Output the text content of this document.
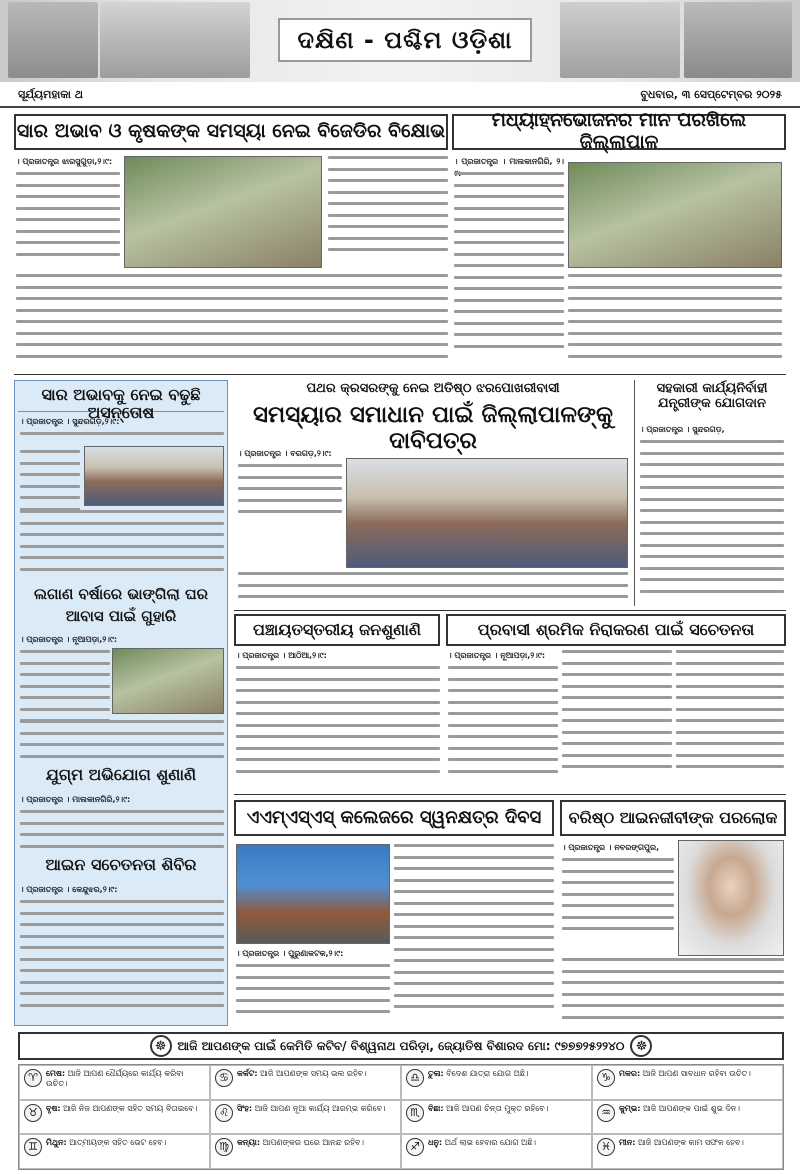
ଦକ୍ଷିଣ - ପଶ୍ଚିମ ଓଡ଼ିଶା
ସୂର୍ଯ୍ୟମହାକା ଥ	ବୁଧବାର, ୩ ସେପ୍ଟେମ୍ବର ୨୦୨୫
ସାର ଅଭାବ ଓ କୃଷକଙ୍କ ସମସ୍ୟା ନେଇ ବିଜେଡିର ବିକ୍ଷୋଭ
। ପ୍ରଜାତନ୍ତ୍ର ଝାରସୁଗୁଡ଼ା,୨।୯:
ମଧ୍ୟାହ୍ନଭୋଜନର ମାନ ପରଖିଲେ ଜିଲ୍ଲାପାଳ
। ପ୍ରଜାତନ୍ତ୍ର । ମାଲକାନଗିରି, ୨।
ସାର ଅଭାବକୁ ନେଇ ବଢୁଛି ଅସନ୍ତୋଷ
। ପ୍ରଜାତନ୍ତ୍ର । ସୁନ୍ଦରଗଡ଼,୨।୯:
ଲଗାଣ ବର୍ଷାରେ ଭାଙ୍ଗିଲା ଘର
ଆବାସ ପାଇଁ ଗୁହାରି
। ପ୍ରଜାତନ୍ତ୍ର । ନୂଆପଡ଼ା,୨।୯:
ଯୁଗ୍ମ ଅଭିଯୋଗ ଶୁଣାଣି
। ପ୍ରଜାତନ୍ତ୍ର । ମାଲକାନଗିରି,୨।୯:
ଆଇନ ସଚେତନତା ଶିବିର
। ପ୍ରଜାତନ୍ତ୍ର । କେନ୍ଦୁଝର,୨।୯:
ପଥର କ୍ରସରଙ୍କୁ ନେଇ ଅତିଷ୍ଠ ଝରପୋଖରୀବାସୀ
ସମସ୍ୟାର ସମାଧାନ ପାଇଁ ଜିଲ୍ଲାପାଳଙ୍କୁ ଦାବିପତ୍ର
। ପ୍ରଜାତନ୍ତ୍ର । ବରଗଡ଼,୨।୯:
ସହକାରୀ କାର୍ଯ୍ୟନିର୍ବାହୀ ଯନ୍ତ୍ରୀଙ୍କ ଯୋଗଦାନ
। ପ୍ରଜାତନ୍ତ୍ର । ସୁନ୍ଦରଗଡ଼,
ପଞ୍ଚାୟତସ୍ତରୀୟ ଜନଶୁଣାଣି
। ପ୍ରଜାତନ୍ତ୍ର । ଆଠିଆ,୨।୯:
ପ୍ରବାସୀ ଶ୍ରମିକ ନିରାକରଣ ପାଇଁ ସଚେତନତା
। ପ୍ରଜାତନ୍ତ୍ର । ନୂଆପଡ଼ା,୨।୯:
ଏଏମ୍‌ଏସ୍‌ଏସ୍ କଲେଜରେ ସ୍ୱନକ୍ଷତ୍ର ଦିବସ
। ପ୍ରଜାତନ୍ତ୍ର । ପୁରୁଣାକଟକ,୨।୯:
ବରିଷ୍ଠ ଆଇନଜୀବୀଙ୍କ ପରଲୋକ
। ପ୍ରଜାତନ୍ତ୍ର । ନବରଙ୍ଗପୁର,
☸ ଆଜି ଆପଣଙ୍କ ପାଇଁ କେମିତି କଟିବ/ ବିଶ୍ୱନାଥ ପରିଡ଼ା, ଜ୍ୟୋତିଷ ବିଶାରଦ ମୋ: ୯୭୭୭୨୫୨୨୪୦ ☸
♈	ମେଷ: ଆଜି ଆପଣ ଧୈର୍ଯ୍ୟରେ କାର୍ଯ୍ୟ କରିବା ଉଚିତ।	♋	କର୍କଟ: ଆଜି ଆପଣଙ୍କ ସମୟ ଭଲ ରହିବ।	♎	ତୁଳା: ବିଦେଶ ଯାତ୍ରା ଯୋଗ ଅଛି।	♑	ମକର: ଆଜି ଆପଣ ସାବଧାନ ରହିବା ଉଚିତ।
♉	ବୃଷ: ଆଜି ନିଜ ଆପଣଙ୍କ ସହିତ ସମୟ ବିତାଇବେ।	♌	ସିଂହ: ଆଜି ଆପଣ ନୂଆ କାର୍ଯ୍ୟ ଆରମ୍ଭ କରିବେ।	♏	ବିଛା: ଆଜି ଆପଣ ଚିନ୍ତା ମୁକ୍ତ ରହିବେ।	♒	କୁମ୍ଭ: ଆଜି ଆପଣଙ୍କ ପାଇଁ ଶୁଭ ଦିନ।
♊	ମିଥୁନ: ଆତ୍ମୀୟଙ୍କ ସହିତ ଭେଟ ହେବ।	♍	କନ୍ୟା: ଆପଣଙ୍କର ଘରେ ଆନନ୍ଦ ରହିବ।	♐	ଧନୁ: ଅର୍ଥ ଲାଭ ହେବାର ଯୋଗ ଅଛି।	♓	ମୀନ: ଆଜି ଆପଣଙ୍କ କାମ ସଫଳ ହେବ।
